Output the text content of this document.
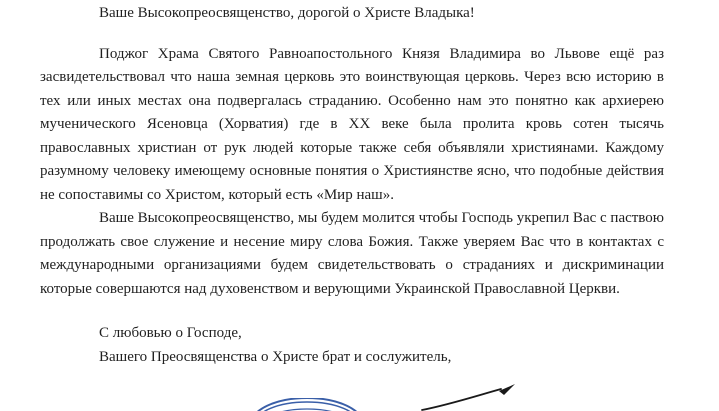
Ваше Высокопреосвященство, дорогой о Христе Владыка!

Поджог Храма Святого Равноапостольного Князя Владимира во Львове ещё раз засвидетельствовал что наша земная церковь это воинствующая церковь. Через всю историю в тех или иных местах она подвергалась страданию. Особенно нам это понятно как архиерею мученического Ясеновца (Хорватия) где в XX веке была пролита кровь сотен тысячь православных христиан от рук людей которые также себя объявляли християнами. Каждому разумному человеку имеющему основные понятия о Християнстве ясно, что подобные действия не сопоставимы со Христом, который есть «Мир наш».

Ваше Высокопреосвященство, мы будем молится чтобы Господь укрепил Вас с паствою продолжать свое служение и несение миру слова Божия. Также уверяем Вас что в контактах с международными организациями будем свидетельствовать о страданиях и дискриминации которые совершаются над духовенством и верующими Украинской Православной Церкви.

С любовью о Господе,

Вашего Преосвященства о Христе брат и сослужитель,
